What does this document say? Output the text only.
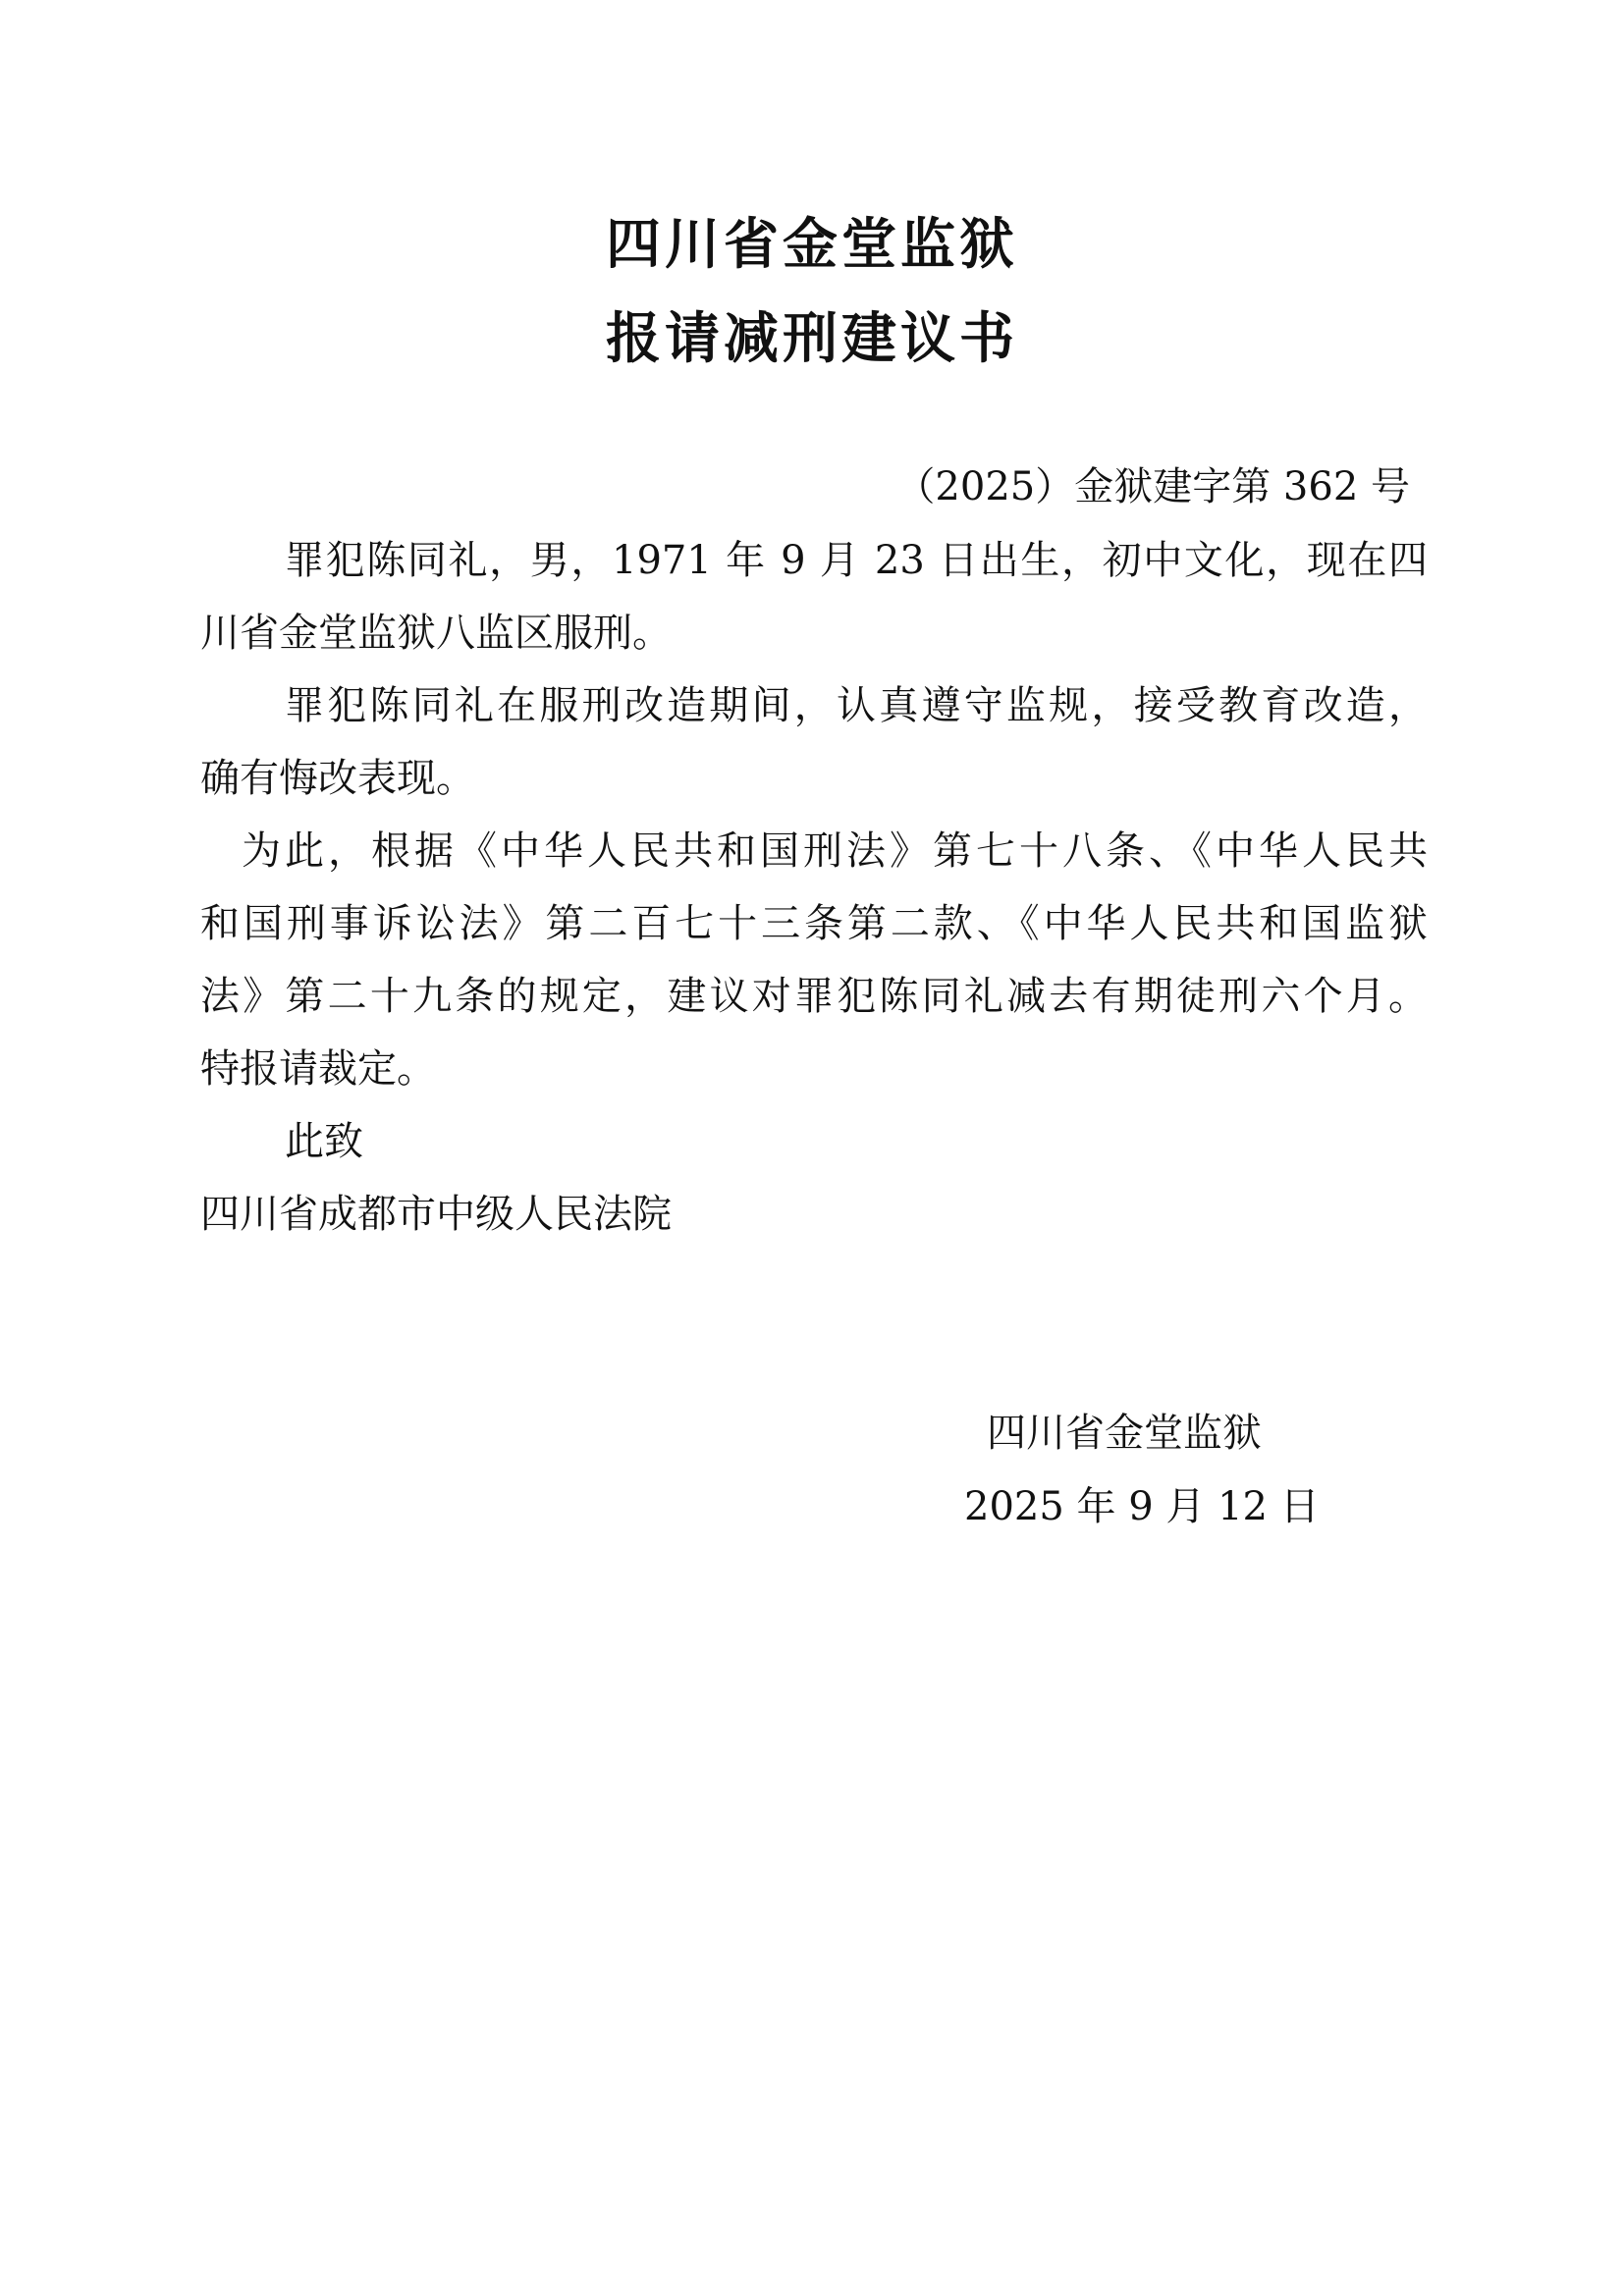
四川省金堂监狱
报请减刑建议书
（2025）金狱建字第 362 号
罪犯陈同礼，男，1971 年 9 月 23 日出生，初中文化，现在四
川省金堂监狱八监区服刑。
罪犯陈同礼在服刑改造期间，认真遵守监规，接受教育改造，
确有悔改表现。
为此，根据《中华人民共和国刑法》第七十八条、《中华人民共
和国刑事诉讼法》第二百七十三条第二款、《中华人民共和国监狱
法》第二十九条的规定，建议对罪犯陈同礼减去有期徒刑六个月。
特报请裁定。
此致
四川省成都市中级人民法院
四川省金堂监狱
2025 年 9 月 12 日
